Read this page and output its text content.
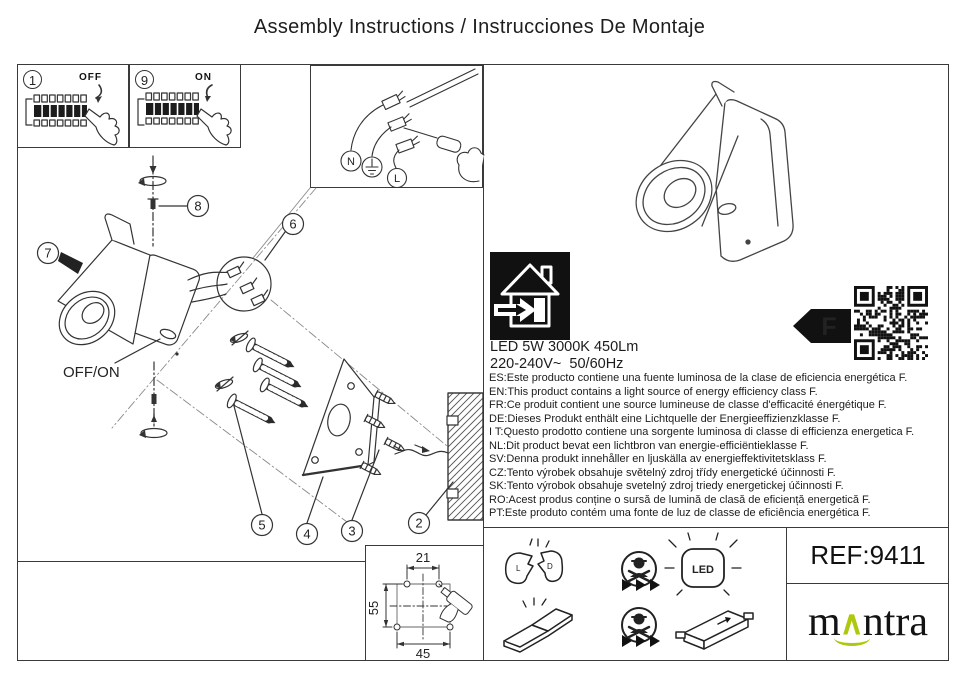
Assembly Instructions / Instrucciones De Montaje
1	OFF	9	ON
N
L
8
7
6
5
4	3
2
OFF/ON
LED 5W 3000K 450Lm
220-240V~  50/60Hz
ES:Este producto contiene una fuente luminosa de la clase de eficiencia energética F.
EN:This product contains a light source of energy efficiency class F.
FR:Ce produit contient une source lumineuse de classe d'efficacité énergétique F.
DE:Dieses Produkt enthält eine Lichtquelle der Energieeffizienzklasse F.
I T:Questo prodotto contiene una sorgente luminosa di classe di efficienza energetica F.
NL:Dit product bevat een lichtbron van energie-efficiëntieklasse F.
SV:Denna produkt innehåller en ljuskälla av energieffektivitetsklass F.
CZ:Tento výrobek obsahuje světelný zdroj třídy energetické účinnosti F.
SK:Tento výrobok obsahuje svetelný zdroj triedy energetickej účinnosti F.
RO:Acest produs conține o sursă de lumină de clasă de eficiență energetică F.
PT:Este produto contém uma fonte de luz de classe de eficiência energética F.
F
21
55
45
L	D	LED	REF:9411
m ∧ ntra
